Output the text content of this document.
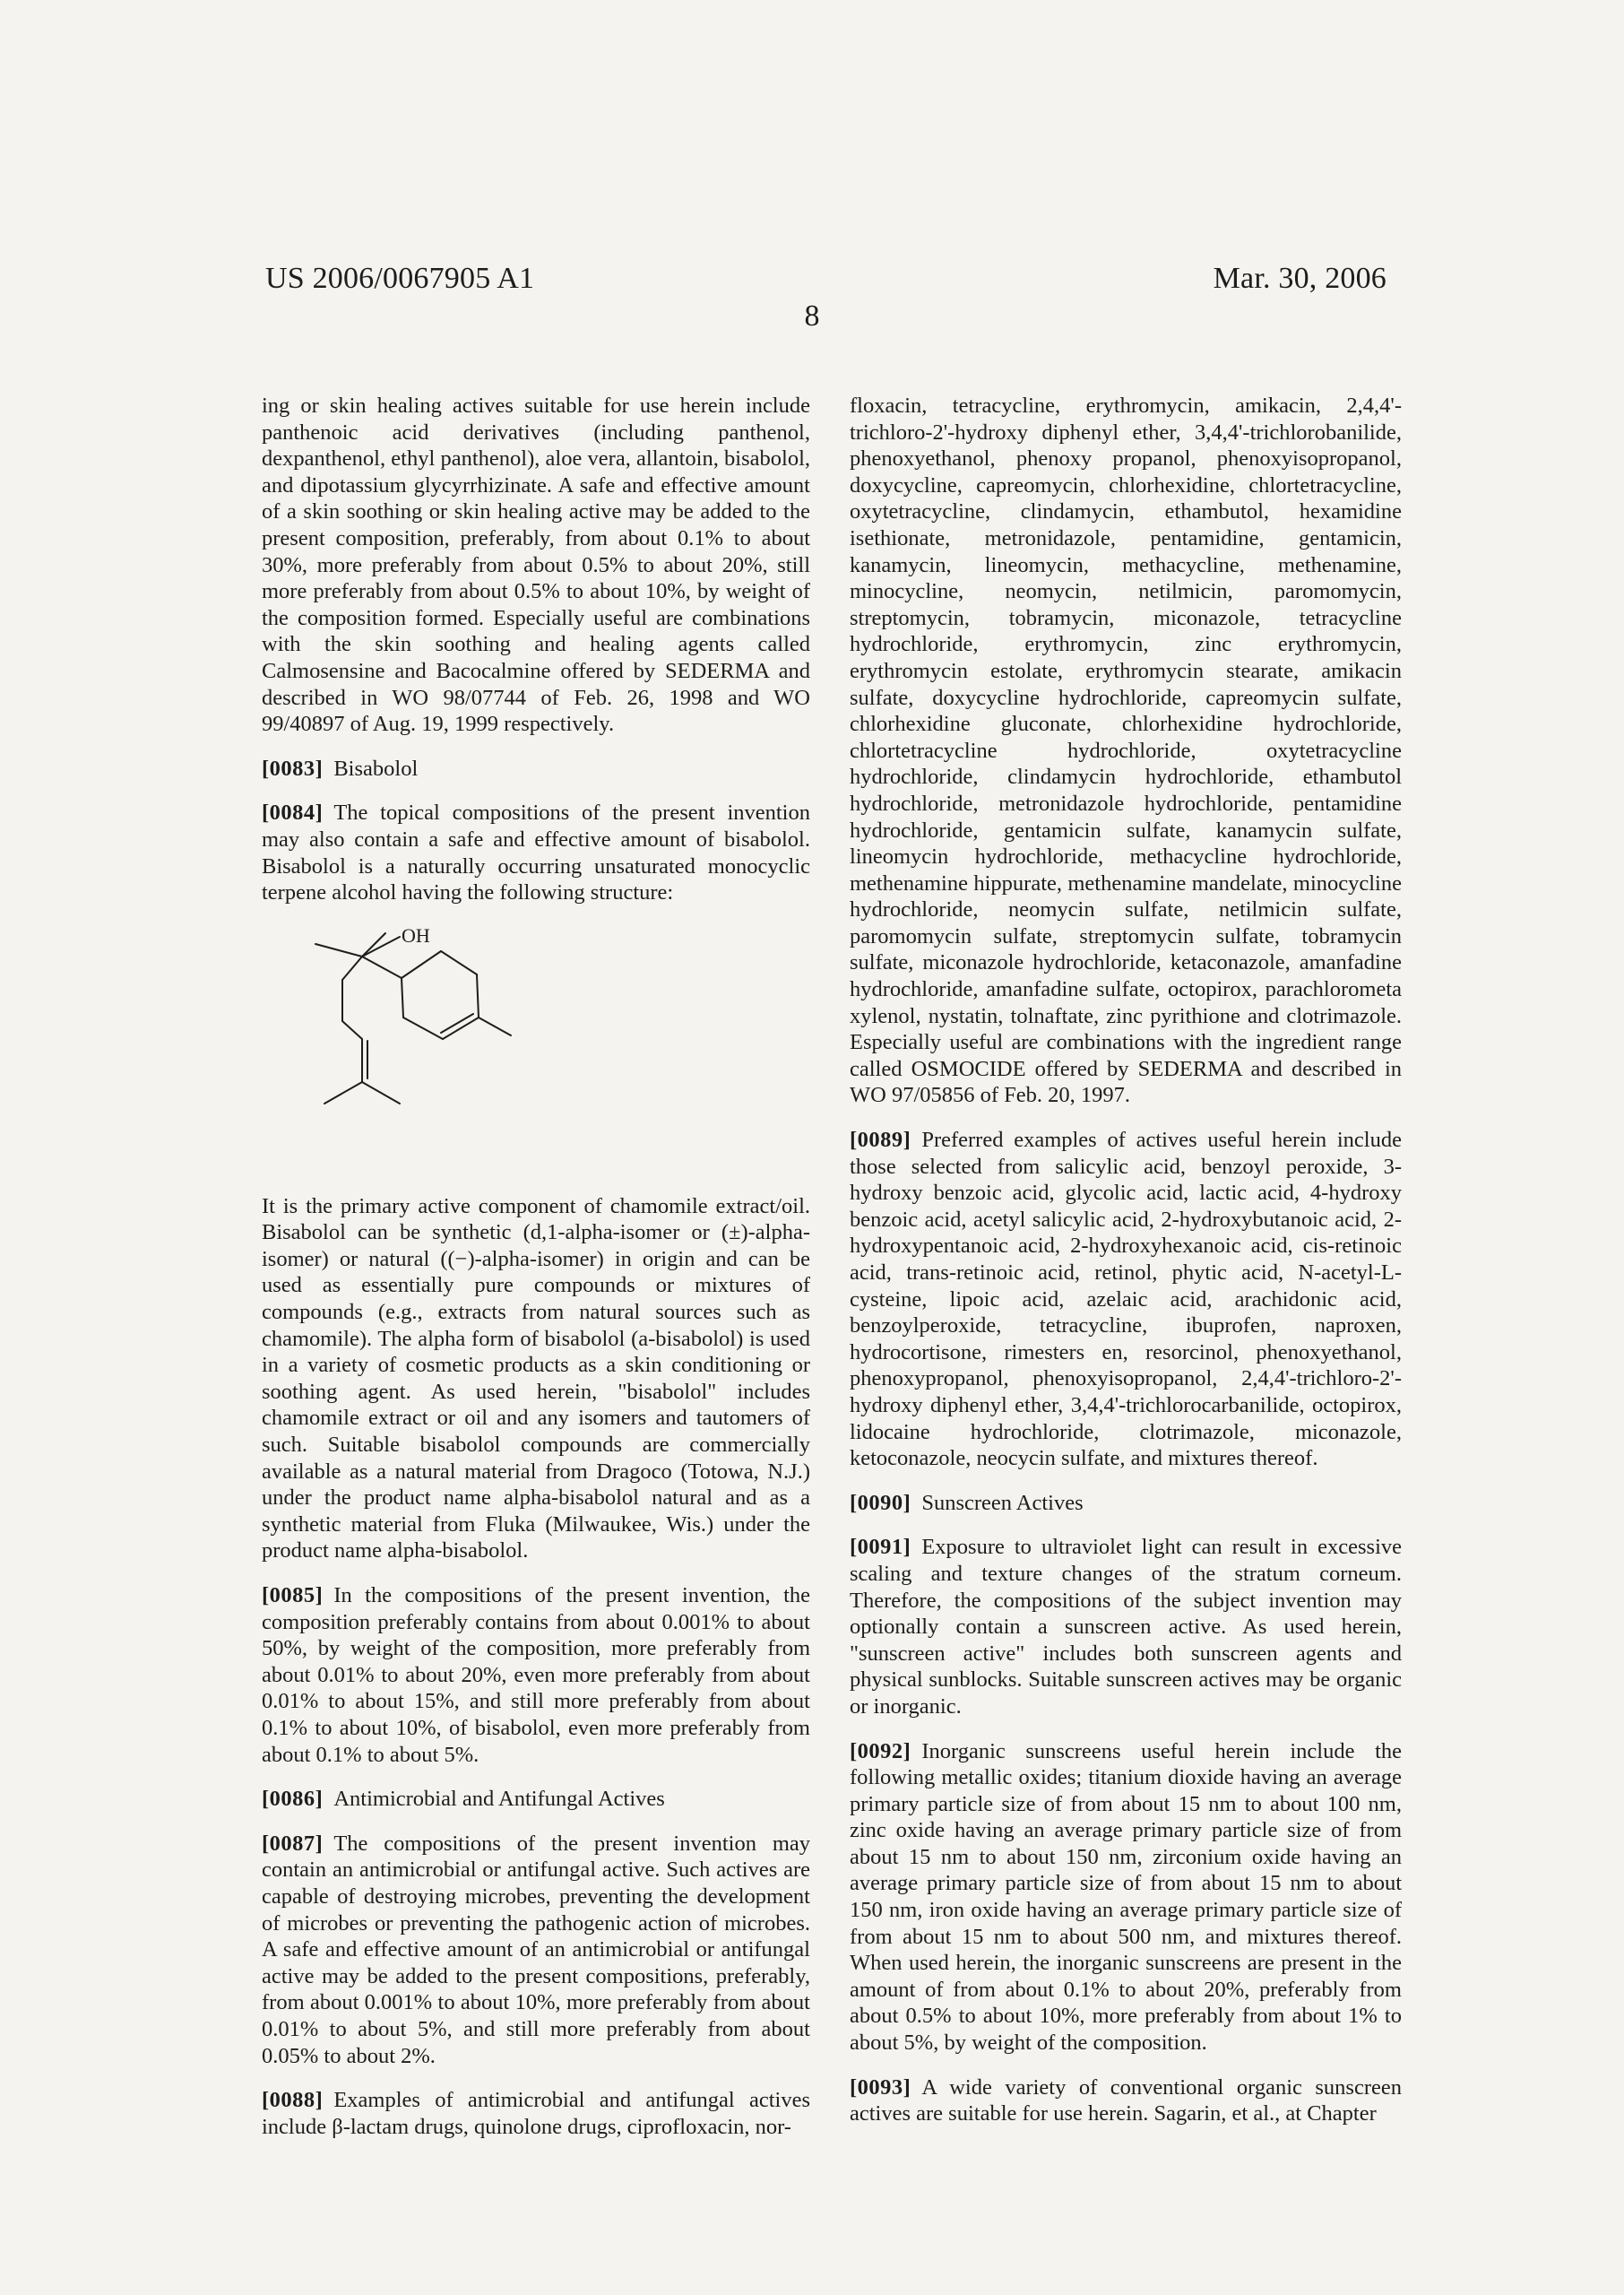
US 2006/0067905 A1	Mar. 30, 2006
8

ing or skin healing actives suitable for use herein include panthenoic acid derivatives (including panthenol, dexpanthenol, ethyl panthenol), aloe vera, allantoin, bisabolol, and dipotassium glycyrrhizinate. A safe and effective amount of a skin soothing or skin healing active may be added to the present composition, preferably, from about 0.1% to about 30%, more preferably from about 0.5% to about 20%, still more preferably from about 0.5% to about 10%, by weight of the composition formed. Especially useful are combinations with the skin soothing and healing agents called Calmosensine and Bacocalmine offered by SEDERMA and described in WO 98/07744 of Feb. 26, 1998 and WO 99/40897 of Aug. 19, 1999 respectively.

[0083] Bisabolol

[0084] The topical compositions of the present invention may also contain a safe and effective amount of bisabolol. Bisabolol is a naturally occurring unsaturated monocyclic terpene alcohol having the following structure:

OH

It is the primary active component of chamomile extract/oil. Bisabolol can be synthetic (d,1-alpha-isomer or (±)-alpha-isomer) or natural ((−)-alpha-isomer) in origin and can be used as essentially pure compounds or mixtures of compounds (e.g., extracts from natural sources such as chamomile). The alpha form of bisabolol (a-bisabolol) is used in a variety of cosmetic products as a skin conditioning or soothing agent. As used herein, "bisabolol" includes chamomile extract or oil and any isomers and tautomers of such. Suitable bisabolol compounds are commercially available as a natural material from Dragoco (Totowa, N.J.) under the product name alpha-bisabolol natural and as a synthetic material from Fluka (Milwaukee, Wis.) under the product name alpha-bisabolol.

[0085] In the compositions of the present invention, the composition preferably contains from about 0.001% to about 50%, by weight of the composition, more preferably from about 0.01% to about 20%, even more preferably from about 0.01% to about 15%, and still more preferably from about 0.1% to about 10%, of bisabolol, even more preferably from about 0.1% to about 5%.

[0086] Antimicrobial and Antifungal Actives

[0087] The compositions of the present invention may contain an antimicrobial or antifungal active. Such actives are capable of destroying microbes, preventing the development of microbes or preventing the pathogenic action of microbes. A safe and effective amount of an antimicrobial or antifungal active may be added to the present compositions, preferably, from about 0.001% to about 10%, more preferably from about 0.01% to about 5%, and still more preferably from about 0.05% to about 2%.

[0088] Examples of antimicrobial and antifungal actives include β-lactam drugs, quinolone drugs, ciprofloxacin, nor-

floxacin, tetracycline, erythromycin, amikacin, 2,4,4'-trichloro-2'-hydroxy diphenyl ether, 3,4,4'-trichlorobanilide, phenoxyethanol, phenoxy propanol, phenoxyisopropanol, doxycycline, capreomycin, chlorhexidine, chlortetracycline, oxytetracycline, clindamycin, ethambutol, hexamidine isethionate, metronidazole, pentamidine, gentamicin, kanamycin, lineomycin, methacycline, methenamine, minocycline, neomycin, netilmicin, paromomycin, streptomycin, tobramycin, miconazole, tetracycline hydrochloride, erythromycin, zinc erythromycin, erythromycin estolate, erythromycin stearate, amikacin sulfate, doxycycline hydrochloride, capreomycin sulfate, chlorhexidine gluconate, chlorhexidine hydrochloride, chlortetracycline hydrochloride, oxytetracycline hydrochloride, clindamycin hydrochloride, ethambutol hydrochloride, metronidazole hydrochloride, pentamidine hydrochloride, gentamicin sulfate, kanamycin sulfate, lineomycin hydrochloride, methacycline hydrochloride, methenamine hippurate, methenamine mandelate, minocycline hydrochloride, neomycin sulfate, netilmicin sulfate, paromomycin sulfate, streptomycin sulfate, tobramycin sulfate, miconazole hydrochloride, ketaconazole, amanfadine hydrochloride, amanfadine sulfate, octopirox, parachlorometa xylenol, nystatin, tolnaftate, zinc pyrithione and clotrimazole. Especially useful are combinations with the ingredient range called OSMOCIDE offered by SEDERMA and described in WO 97/05856 of Feb. 20, 1997.

[0089] Preferred examples of actives useful herein include those selected from salicylic acid, benzoyl peroxide, 3-hydroxy benzoic acid, glycolic acid, lactic acid, 4-hydroxy benzoic acid, acetyl salicylic acid, 2-hydroxybutanoic acid, 2-hydroxypentanoic acid, 2-hydroxyhexanoic acid, cis-retinoic acid, trans-retinoic acid, retinol, phytic acid, N-acetyl-L-cysteine, lipoic acid, azelaic acid, arachidonic acid, benzoylperoxide, tetracycline, ibuprofen, naproxen, hydrocortisone, rimesters en, resorcinol, phenoxyethanol, phenoxypropanol, phenoxyisopropanol, 2,4,4'-trichloro-2'-hydroxy diphenyl ether, 3,4,4'-trichlorocarbanilide, octopirox, lidocaine hydrochloride, clotrimazole, miconazole, ketoconazole, neocycin sulfate, and mixtures thereof.

[0090] Sunscreen Actives

[0091] Exposure to ultraviolet light can result in excessive scaling and texture changes of the stratum corneum. Therefore, the compositions of the subject invention may optionally contain a sunscreen active. As used herein, "sunscreen active" includes both sunscreen agents and physical sunblocks. Suitable sunscreen actives may be organic or inorganic.

[0092] Inorganic sunscreens useful herein include the following metallic oxides; titanium dioxide having an average primary particle size of from about 15 nm to about 100 nm, zinc oxide having an average primary particle size of from about 15 nm to about 150 nm, zirconium oxide having an average primary particle size of from about 15 nm to about 150 nm, iron oxide having an average primary particle size of from about 15 nm to about 500 nm, and mixtures thereof. When used herein, the inorganic sunscreens are present in the amount of from about 0.1% to about 20%, preferably from about 0.5% to about 10%, more preferably from about 1% to about 5%, by weight of the composition.

[0093] A wide variety of conventional organic sunscreen actives are suitable for use herein. Sagarin, et al., at Chapter
